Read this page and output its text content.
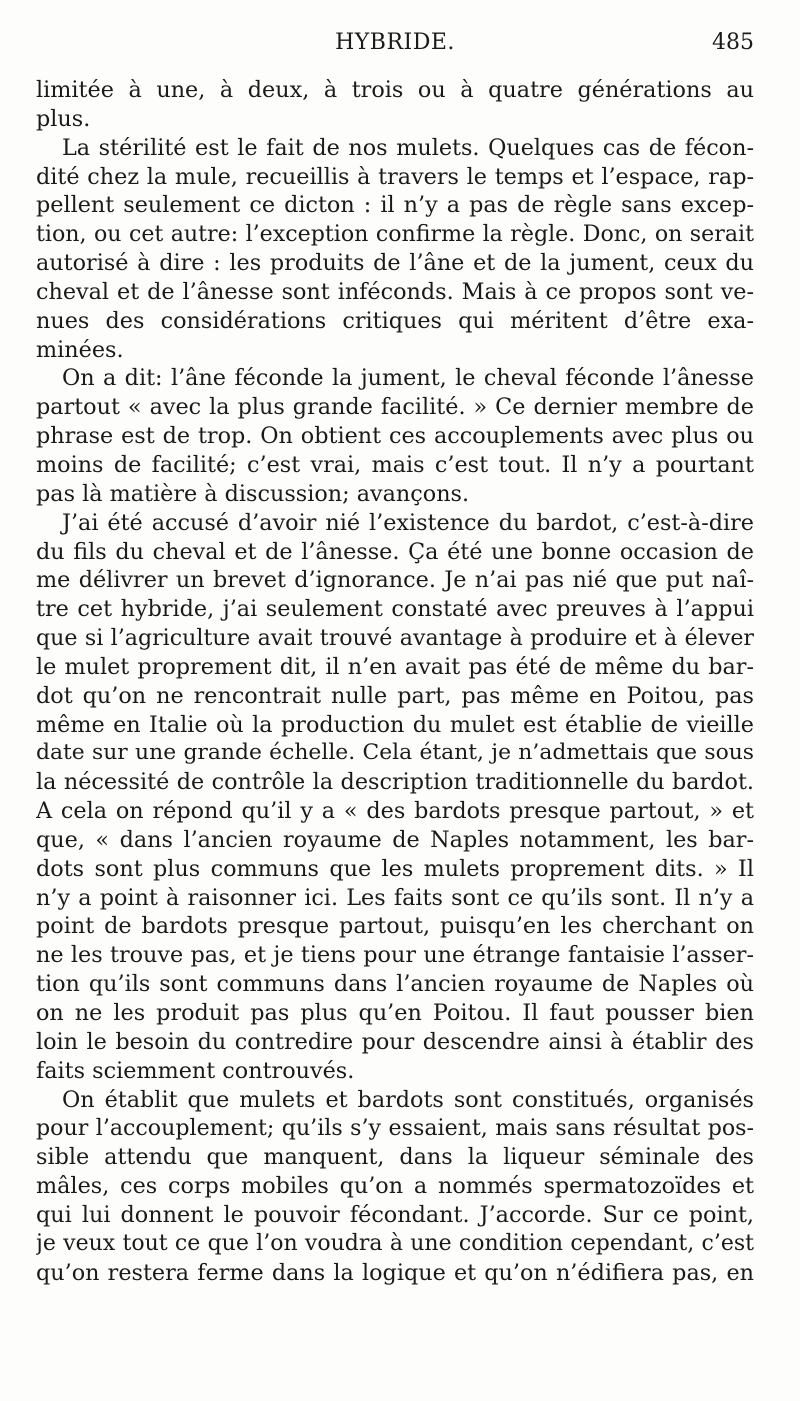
HYBRIDE.	485
limitée à une, à deux, à trois ou à quatre générations au
plus.
La stérilité est le fait de nos mulets. Quelques cas de fécon-
dité chez la mule, recueillis à travers le temps et l’espace, rap-
pellent seulement ce dicton : il n’y a pas de règle sans excep-
tion, ou cet autre: l’exception confirme la règle. Donc, on serait
autorisé à dire : les produits de l’âne et de la jument, ceux du
cheval et de l’ânesse sont inféconds. Mais à ce propos sont ve-
nues des considérations critiques qui méritent d’être exa-
minées.
On a dit: l’âne féconde la jument, le cheval féconde l’ânesse
partout « avec la plus grande facilité. » Ce dernier membre de
phrase est de trop. On obtient ces accouplements avec plus ou
moins de facilité; c’est vrai, mais c’est tout. Il n’y a pourtant
pas là matière à discussion; avançons.
J’ai été accusé d’avoir nié l’existence du bardot, c’est-à-dire
du fils du cheval et de l’ânesse. Ça été une bonne occasion de
me délivrer un brevet d’ignorance. Je n’ai pas nié que put naî-
tre cet hybride, j’ai seulement constaté avec preuves à l’appui
que si l’agriculture avait trouvé avantage à produire et à élever
le mulet proprement dit, il n’en avait pas été de même du bar-
dot qu’on ne rencontrait nulle part, pas même en Poitou, pas
même en Italie où la production du mulet est établie de vieille
date sur une grande échelle. Cela étant, je n’admettais que sous
la nécessité de contrôle la description traditionnelle du bardot.
A cela on répond qu’il y a « des bardots presque partout, » et
que, « dans l’ancien royaume de Naples notamment, les bar-
dots sont plus communs que les mulets proprement dits. » Il
n’y a point à raisonner ici. Les faits sont ce qu’ils sont. Il n’y a
point de bardots presque partout, puisqu’en les cherchant on
ne les trouve pas, et je tiens pour une étrange fantaisie l’asser-
tion qu’ils sont communs dans l’ancien royaume de Naples où
on ne les produit pas plus qu’en Poitou. Il faut pousser bien
loin le besoin du contredire pour descendre ainsi à établir des
faits sciemment controuvés.
On établit que mulets et bardots sont constitués, organisés
pour l’accouplement; qu’ils s’y essaient, mais sans résultat pos-
sible attendu que manquent, dans la liqueur séminale des
mâles, ces corps mobiles qu’on a nommés spermatozoïdes et
qui lui donnent le pouvoir fécondant. J’accorde. Sur ce point,
je veux tout ce que l’on voudra à une condition cependant, c’est
qu’on restera ferme dans la logique et qu’on n’édifiera pas, en
